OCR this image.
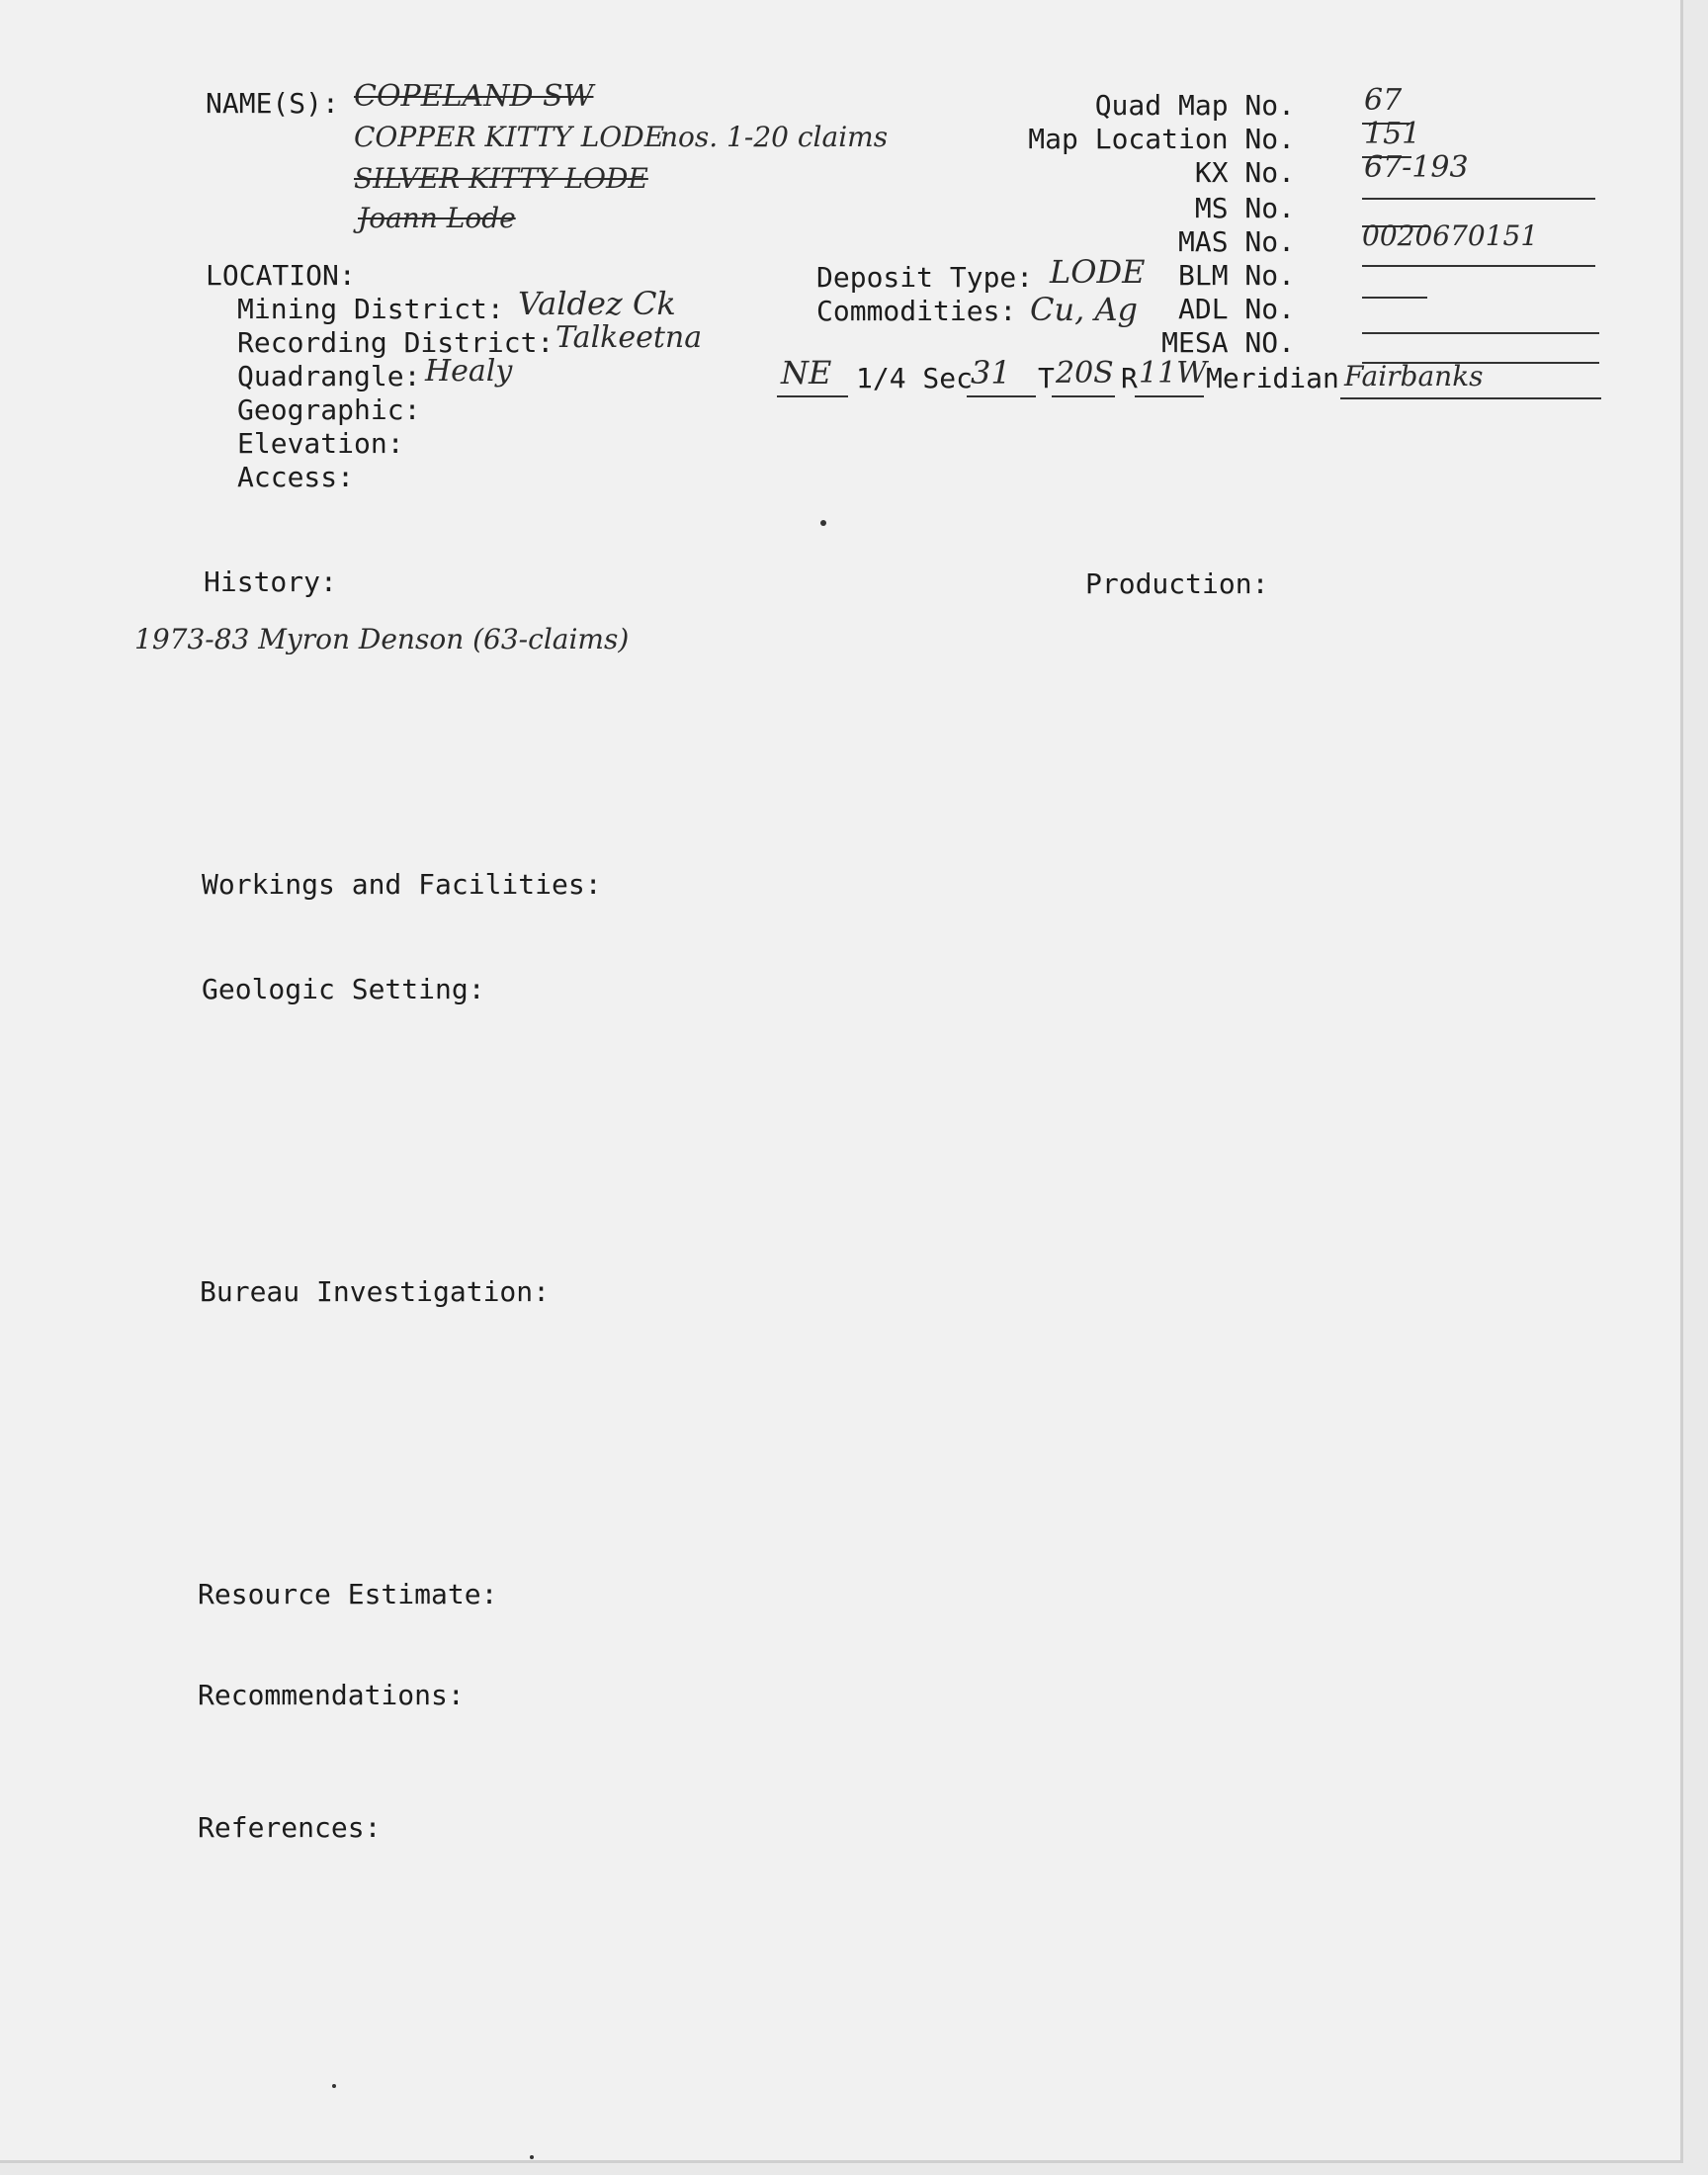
NAME(S): COPELAND SW
COPPER KITTY LODE
nos. 1-20 claims
SILVER KITTY LODE
Joann Lode
Quad Map No. 67
Map Location No. 151
KX No. 67-193
MS No.
MAS No. 0020670151
BLM No.
ADL No.
MESA NO.
LOCATION:
Mining District: Valdez Ck
Recording District: Talkeetna
Quadrangle: Healy
Geographic:
Elevation:
Access:
Deposit Type: LODE
Commodities: Cu, Ag
NE 1/4 Sec
31 T 20S R 11W
Meridian Fairbanks
History:
1973-83 Myron Denson (63-claims)
Production:
Workings and Facilities:
Geologic Setting:
Bureau Investigation:
Resource Estimate:
Recommendations:
References:
